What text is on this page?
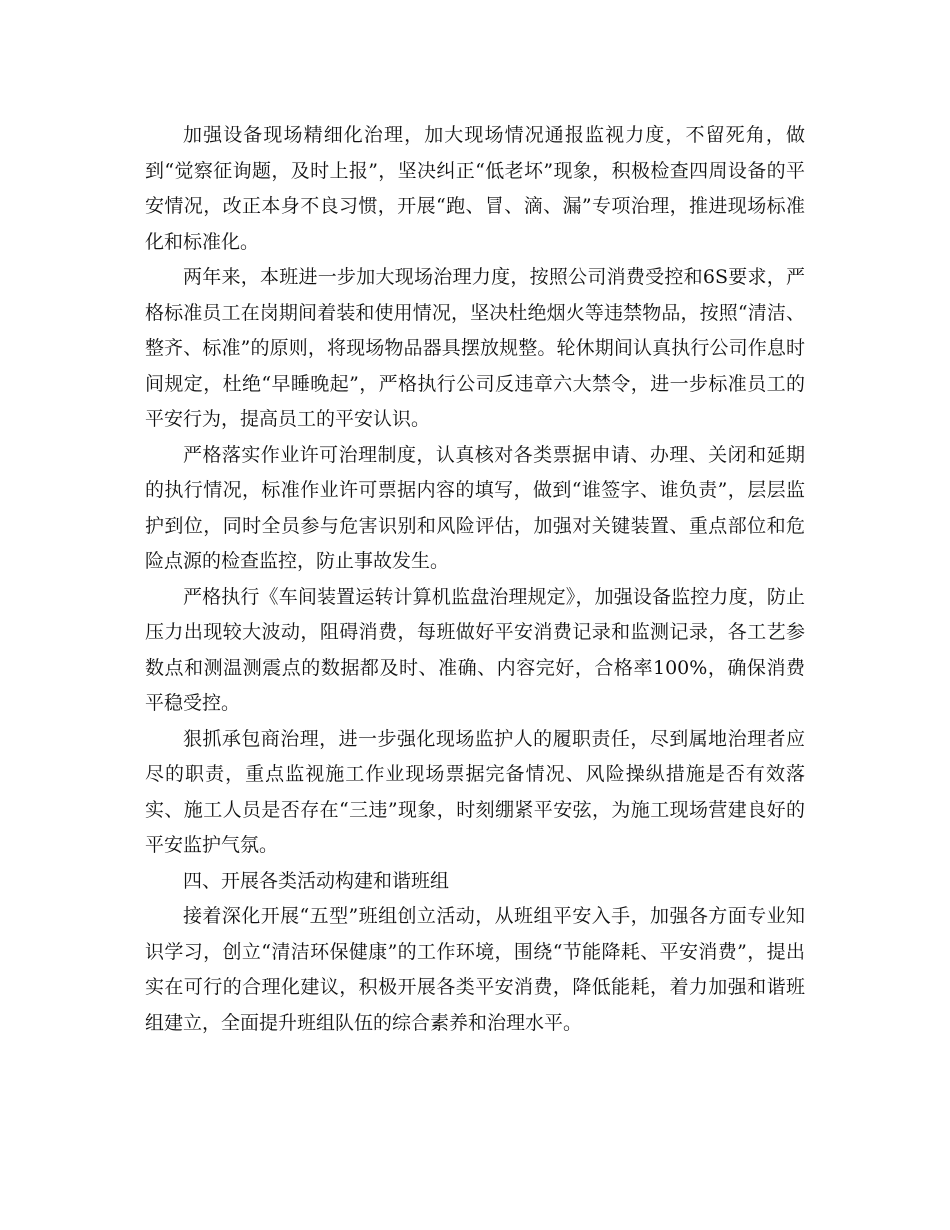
加强设备现场精细化治理，加大现场情况通报监视力度，不留死角，做到“觉察征询题，及时上报”，坚决纠正“低老坏”现象，积极检查四周设备的平安情况，改正本身不良习惯，开展“跑、冒、滴、漏”专项治理，推进现场标准化和标准化。

两年来，本班进一步加大现场治理力度，按照公司消费受控和6S要求，严格标准员工在岗期间着装和使用情况，坚决杜绝烟火等违禁物品，按照“清洁、整齐、标准”的原则，将现场物品器具摆放规整。轮休期间认真执行公司作息时间规定，杜绝“早睡晚起”，严格执行公司反违章六大禁令，进一步标准员工的平安行为，提高员工的平安认识。

严格落实作业许可治理制度，认真核对各类票据申请、办理、关闭和延期的执行情况，标准作业许可票据内容的填写，做到“谁签字、谁负责”，层层监护到位，同时全员参与危害识别和风险评估，加强对关键装置、重点部位和危险点源的检查监控，防止事故发生。

严格执行《车间装置运转计算机监盘治理规定》，加强设备监控力度，防止压力出现较大波动，阻碍消费，每班做好平安消费记录和监测记录，各工艺参数点和测温测震点的数据都及时、准确、内容完好，合格率100%，确保消费平稳受控。

狠抓承包商治理，进一步强化现场监护人的履职责任，尽到属地治理者应尽的职责，重点监视施工作业现场票据完备情况、风险操纵措施是否有效落实、施工人员是否存在“三违”现象，时刻绷紧平安弦，为施工现场营建良好的平安监护气氛。

四、开展各类活动构建和谐班组

接着深化开展“五型”班组创立活动，从班组平安入手，加强各方面专业知识学习，创立“清洁环保健康”的工作环境，围绕“节能降耗、平安消费”，提出实在可行的合理化建议，积极开展各类平安消费，降低能耗，着力加强和谐班组建立，全面提升班组队伍的综合素养和治理水平。
